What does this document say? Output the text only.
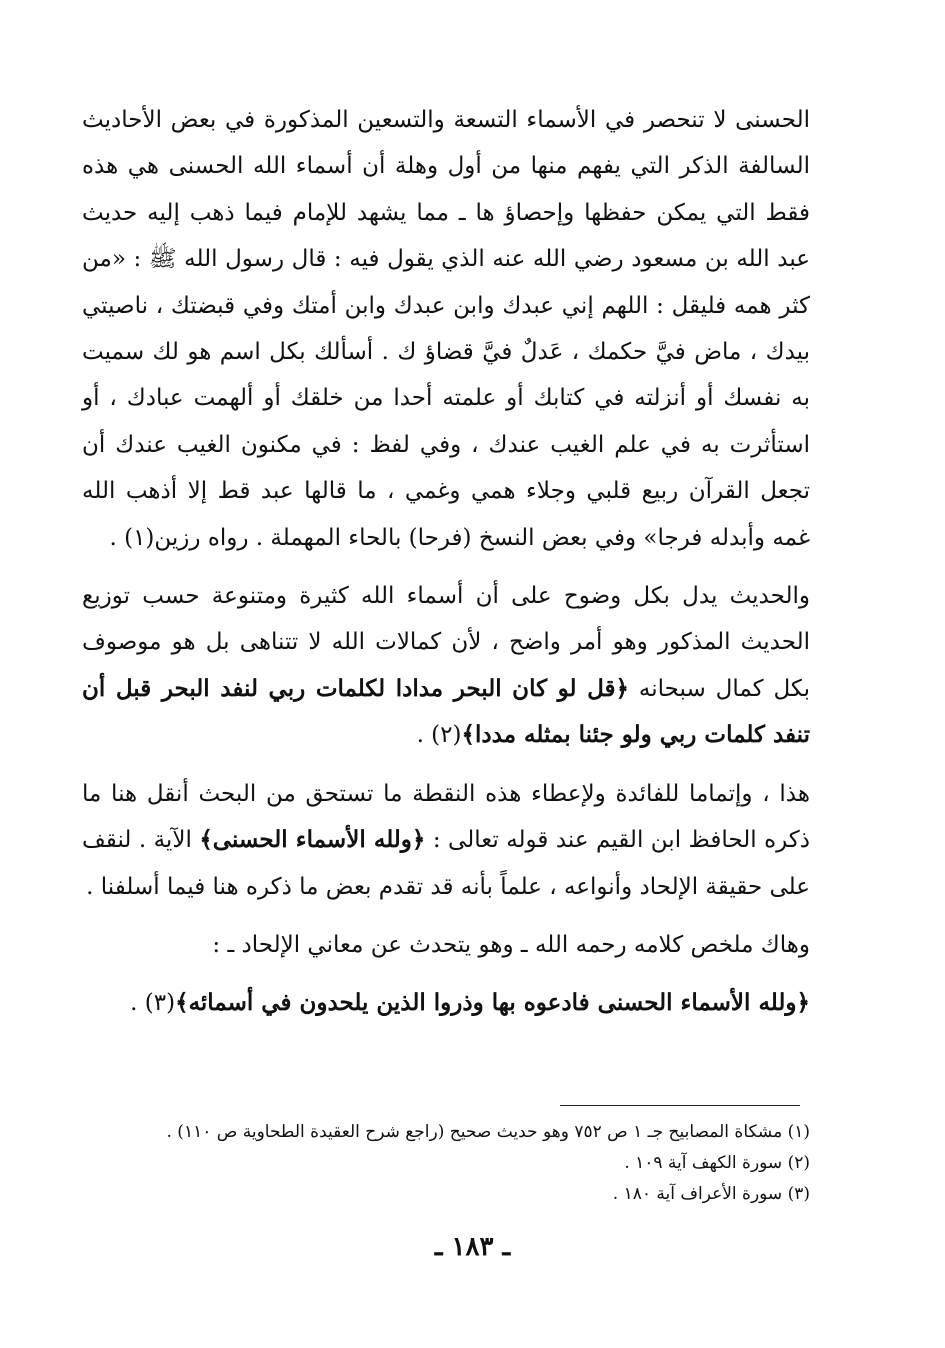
الحسنى لا تنحصر في الأسماء التسعة والتسعين المذكورة في بعض الأحاديث السالفة الذكر التي يفهم منها من أول وهلة أن أسماء الله الحسنى هي هذه فقط التي يمكن حفظها وإحصاؤ ها ـ مما يشهد للإمام فيما ذهب إليه حديث عبد الله بن مسعود رضي الله عنه الذي يقول فيه : قال رسول الله ﷺ : «من كثر همه فليقل : اللهم إني عبدك وابن عبدك وابن أمتك وفي قبضتك ، ناصيتي بيدك ، ماض فيَّ حكمك ، عَدلٌ فيَّ قضاؤ ك . أسألك بكل اسم هو لك سميت به نفسك أو أنزلته في كتابك أو علمته أحدا من خلقك أو ألهمت عبادك ، أو استأثرت به في علم الغيب عندك ، وفي لفظ : في مكنون الغيب عندك أن تجعل القرآن ربيع قلبي وجلاء همي وغمي ، ما قالها عبد قط إلا أذهب الله غمه وأبدله فرجا» وفي بعض النسخ (فرحا) بالحاء المهملة . رواه رزين(١) .

والحديث يدل بكل وضوح على أن أسماء الله كثيرة ومتنوعة حسب توزيع الحديث المذكور وهو أمر واضح ، لأن كمالات الله لا تتناهى بل هو موصوف بكل كمال سبحانه ﴿قل لو كان البحر مدادا لكلمات ربي لنفد البحر قبل أن تنفد كلمات ربي ولو جئنا بمثله مددا﴾(٢) .

هذا ، وإتماما للفائدة ولإعطاء هذه النقطة ما تستحق من البحث أنقل هنا ما ذكره الحافظ ابن القيم عند قوله تعالى : ﴿ولله الأسماء الحسنى﴾ الآية . لنقف على حقيقة الإلحاد وأنواعه ، علماً بأنه قد تقدم بعض ما ذكره هنا فيما أسلفنا .

وهاك ملخص كلامه رحمه الله ـ وهو يتحدث عن معاني الإلحاد ـ :

﴿ولله الأسماء الحسنى فادعوه بها وذروا الذين يلحدون في أسمائه﴾(٣) .

(١) مشكاة المصابيح جـ ١ ص ٧٥٢ وهو حديث صحيح (راجع شرح العقيدة الطحاوية ص ١١٠) .

(٢) سورة الكهف آية ١٠٩ .

(٣) سورة الأعراف آية ١٨٠ .

ـ ١٨٣ ـ
